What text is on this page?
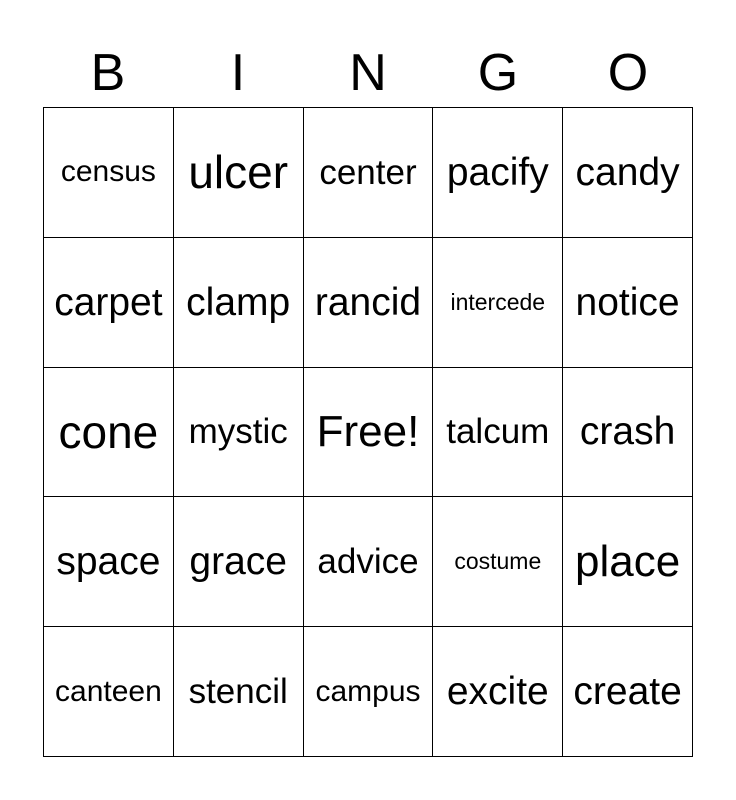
B	I	N	G	O
census ulcer center pacify candy
carpet clamp rancid	intercede notice
cone mystic Free! talcum crash
space grace advice	costume place
canteen stencil campus excite create
